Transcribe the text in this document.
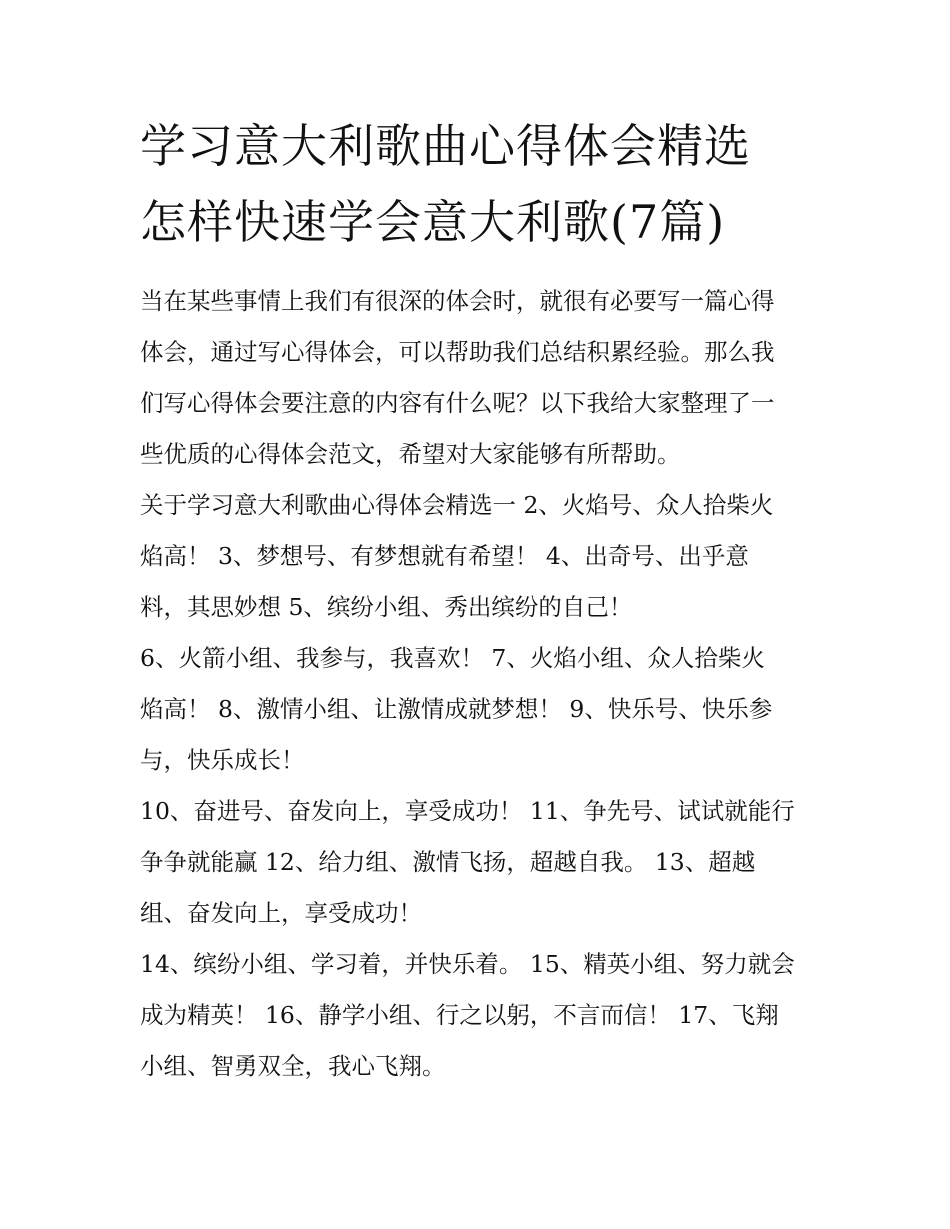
学习意大利歌曲心得体会精选
怎样快速学会意大利歌(7篇)

当在某些事情上我们有很深的体会时，就很有必要写一篇心得
体会，通过写心得体会，可以帮助我们总结积累经验。那么我
们写心得体会要注意的内容有什么呢？以下我给大家整理了一
些优质的心得体会范文，希望对大家能够有所帮助。

关于学习意大利歌曲心得体会精选一 2、火焰号、众人拾柴火
焰高！ 3、梦想号、有梦想就有希望！ 4、出奇号、出乎意
料，其思妙想 5、缤纷小组、秀出缤纷的自己！

6、火箭小组、我参与，我喜欢！ 7、火焰小组、众人拾柴火
焰高！ 8、激情小组、让激情成就梦想！ 9、快乐号、快乐参
与，快乐成长！

10、奋进号、奋发向上，享受成功！ 11、争先号、试试就能行
争争就能赢 12、给力组、激情飞扬，超越自我。 13、超越
组、奋发向上，享受成功！

14、缤纷小组、学习着，并快乐着。 15、精英小组、努力就会
成为精英！ 16、静学小组、行之以躬，不言而信！ 17、飞翔
小组、智勇双全，我心飞翔。
